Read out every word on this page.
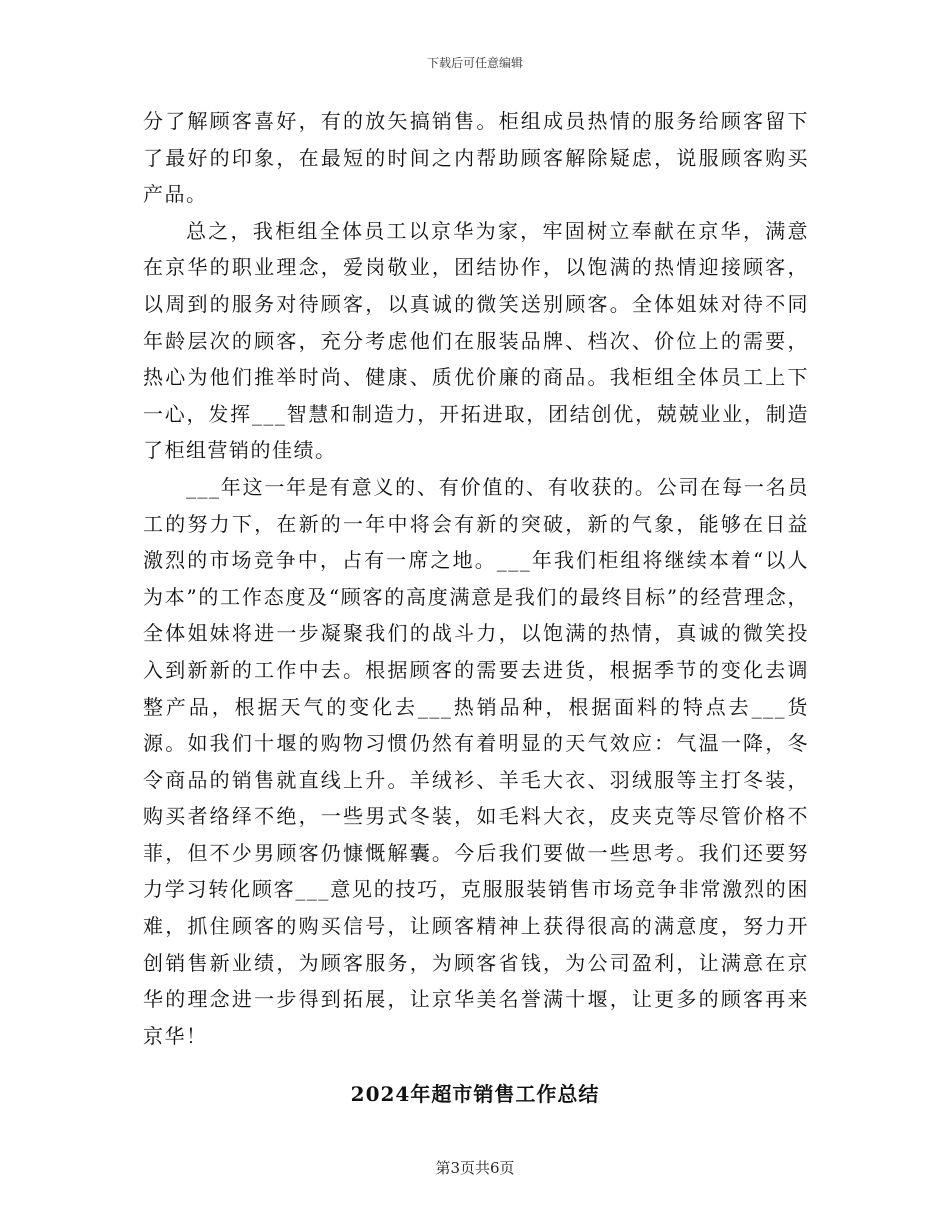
下载后可任意编辑

分了解顾客喜好，有的放矢搞销售。柜组成员热情的服务给顾客留下了最好的印象，在最短的时间之内帮助顾客解除疑虑，说服顾客购买产品。

总之，我柜组全体员工以京华为家，牢固树立奉献在京华，满意在京华的职业理念，爱岗敬业，团结协作，以饱满的热情迎接顾客，以周到的服务对待顾客，以真诚的微笑送别顾客。全体姐妹对待不同年龄层次的顾客，充分考虑他们在服装品牌、档次、价位上的需要，热心为他们推举时尚、健康、质优价廉的商品。我柜组全体员工上下一心，发挥___智慧和制造力，开拓进取，团结创优，兢兢业业，制造了柜组营销的佳绩。

___年这一年是有意义的、有价值的、有收获的。公司在每一名员工的努力下，在新的一年中将会有新的突破，新的气象，能够在日益激烈的市场竞争中，占有一席之地。___年我们柜组将继续本着“以人为本”的工作态度及“顾客的高度满意是我们的最终目标”的经营理念，全体姐妹将进一步凝聚我们的战斗力，以饱满的热情，真诚的微笑投入到新新的工作中去。根据顾客的需要去进货，根据季节的变化去调整产品，根据天气的变化去___热销品种，根据面料的特点去___货源。如我们十堰的购物习惯仍然有着明显的天气效应：气温一降，冬令商品的销售就直线上升。羊绒衫、羊毛大衣、羽绒服等主打冬装，购买者络绎不绝，一些男式冬装，如毛料大衣，皮夹克等尽管价格不菲，但不少男顾客仍慷慨解囊。今后我们要做一些思考。我们还要努力学习转化顾客___意见的技巧，克服服装销售市场竞争非常激烈的困难，抓住顾客的购买信号，让顾客精神上获得很高的满意度，努力开创销售新业绩，为顾客服务，为顾客省钱，为公司盈利，让满意在京华的理念进一步得到拓展，让京华美名誉满十堰，让更多的顾客再来京华！

2024年超市销售工作总结
第3页共6页
